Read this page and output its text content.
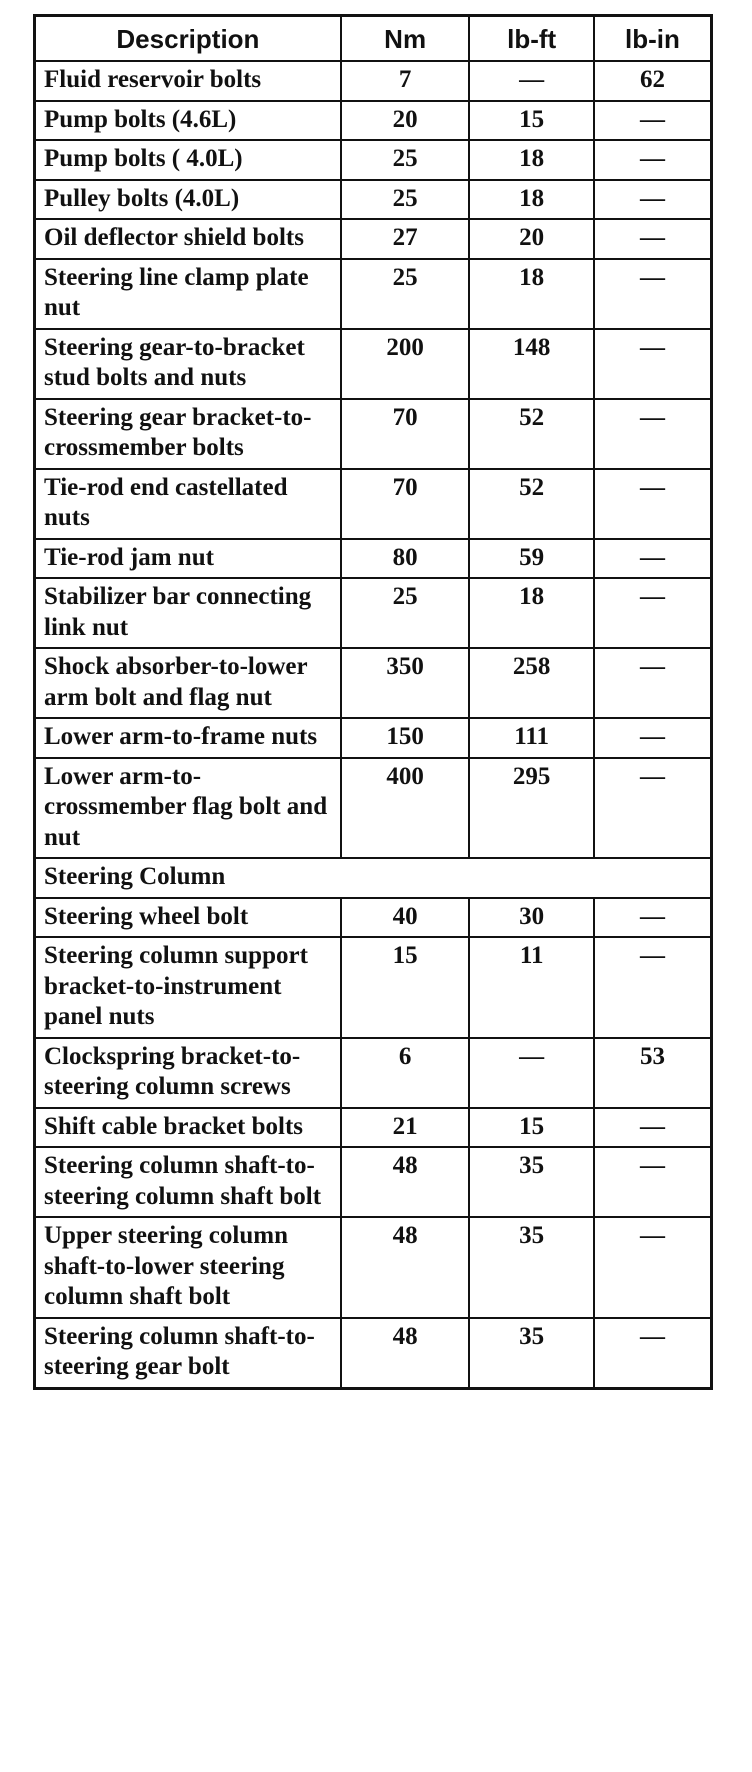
Description	Nm	lb-ft	lb-in
Fluid reservoir bolts	7	—	62
Pump bolts (4.6L)	20	15	—
Pump bolts ( 4.0L)	25	18	—
Pulley bolts (4.0L)	25	18	—
Oil deflector shield bolts	27	20	—
Steering line clamp plate nut	25	18	—
Steering gear-to-bracket stud bolts and nuts	200	148	—
Steering gear bracket-to-crossmember bolts	70	52	—
Tie-rod end castellated nuts	70	52	—
Tie-rod jam nut	80	59	—
Stabilizer bar connecting link nut	25	18	—
Shock absorber-to-lower arm bolt and flag nut	350	258	—
Lower arm-to-frame nuts	150	111	—
Lower arm-to-crossmember flag bolt and nut	400	295	—
Steering Column			
Steering wheel bolt	40	30	—
Steering column support bracket-to-instrument panel nuts	15	11	—
Clockspring bracket-to-steering column screws	6	—	53
Shift cable bracket bolts	21	15	—
Steering column shaft-to-steering column shaft bolt	48	35	—
Upper steering column shaft-to-lower steering column shaft bolt	48	35	—
Steering column shaft-to-steering gear bolt	48	35	—
